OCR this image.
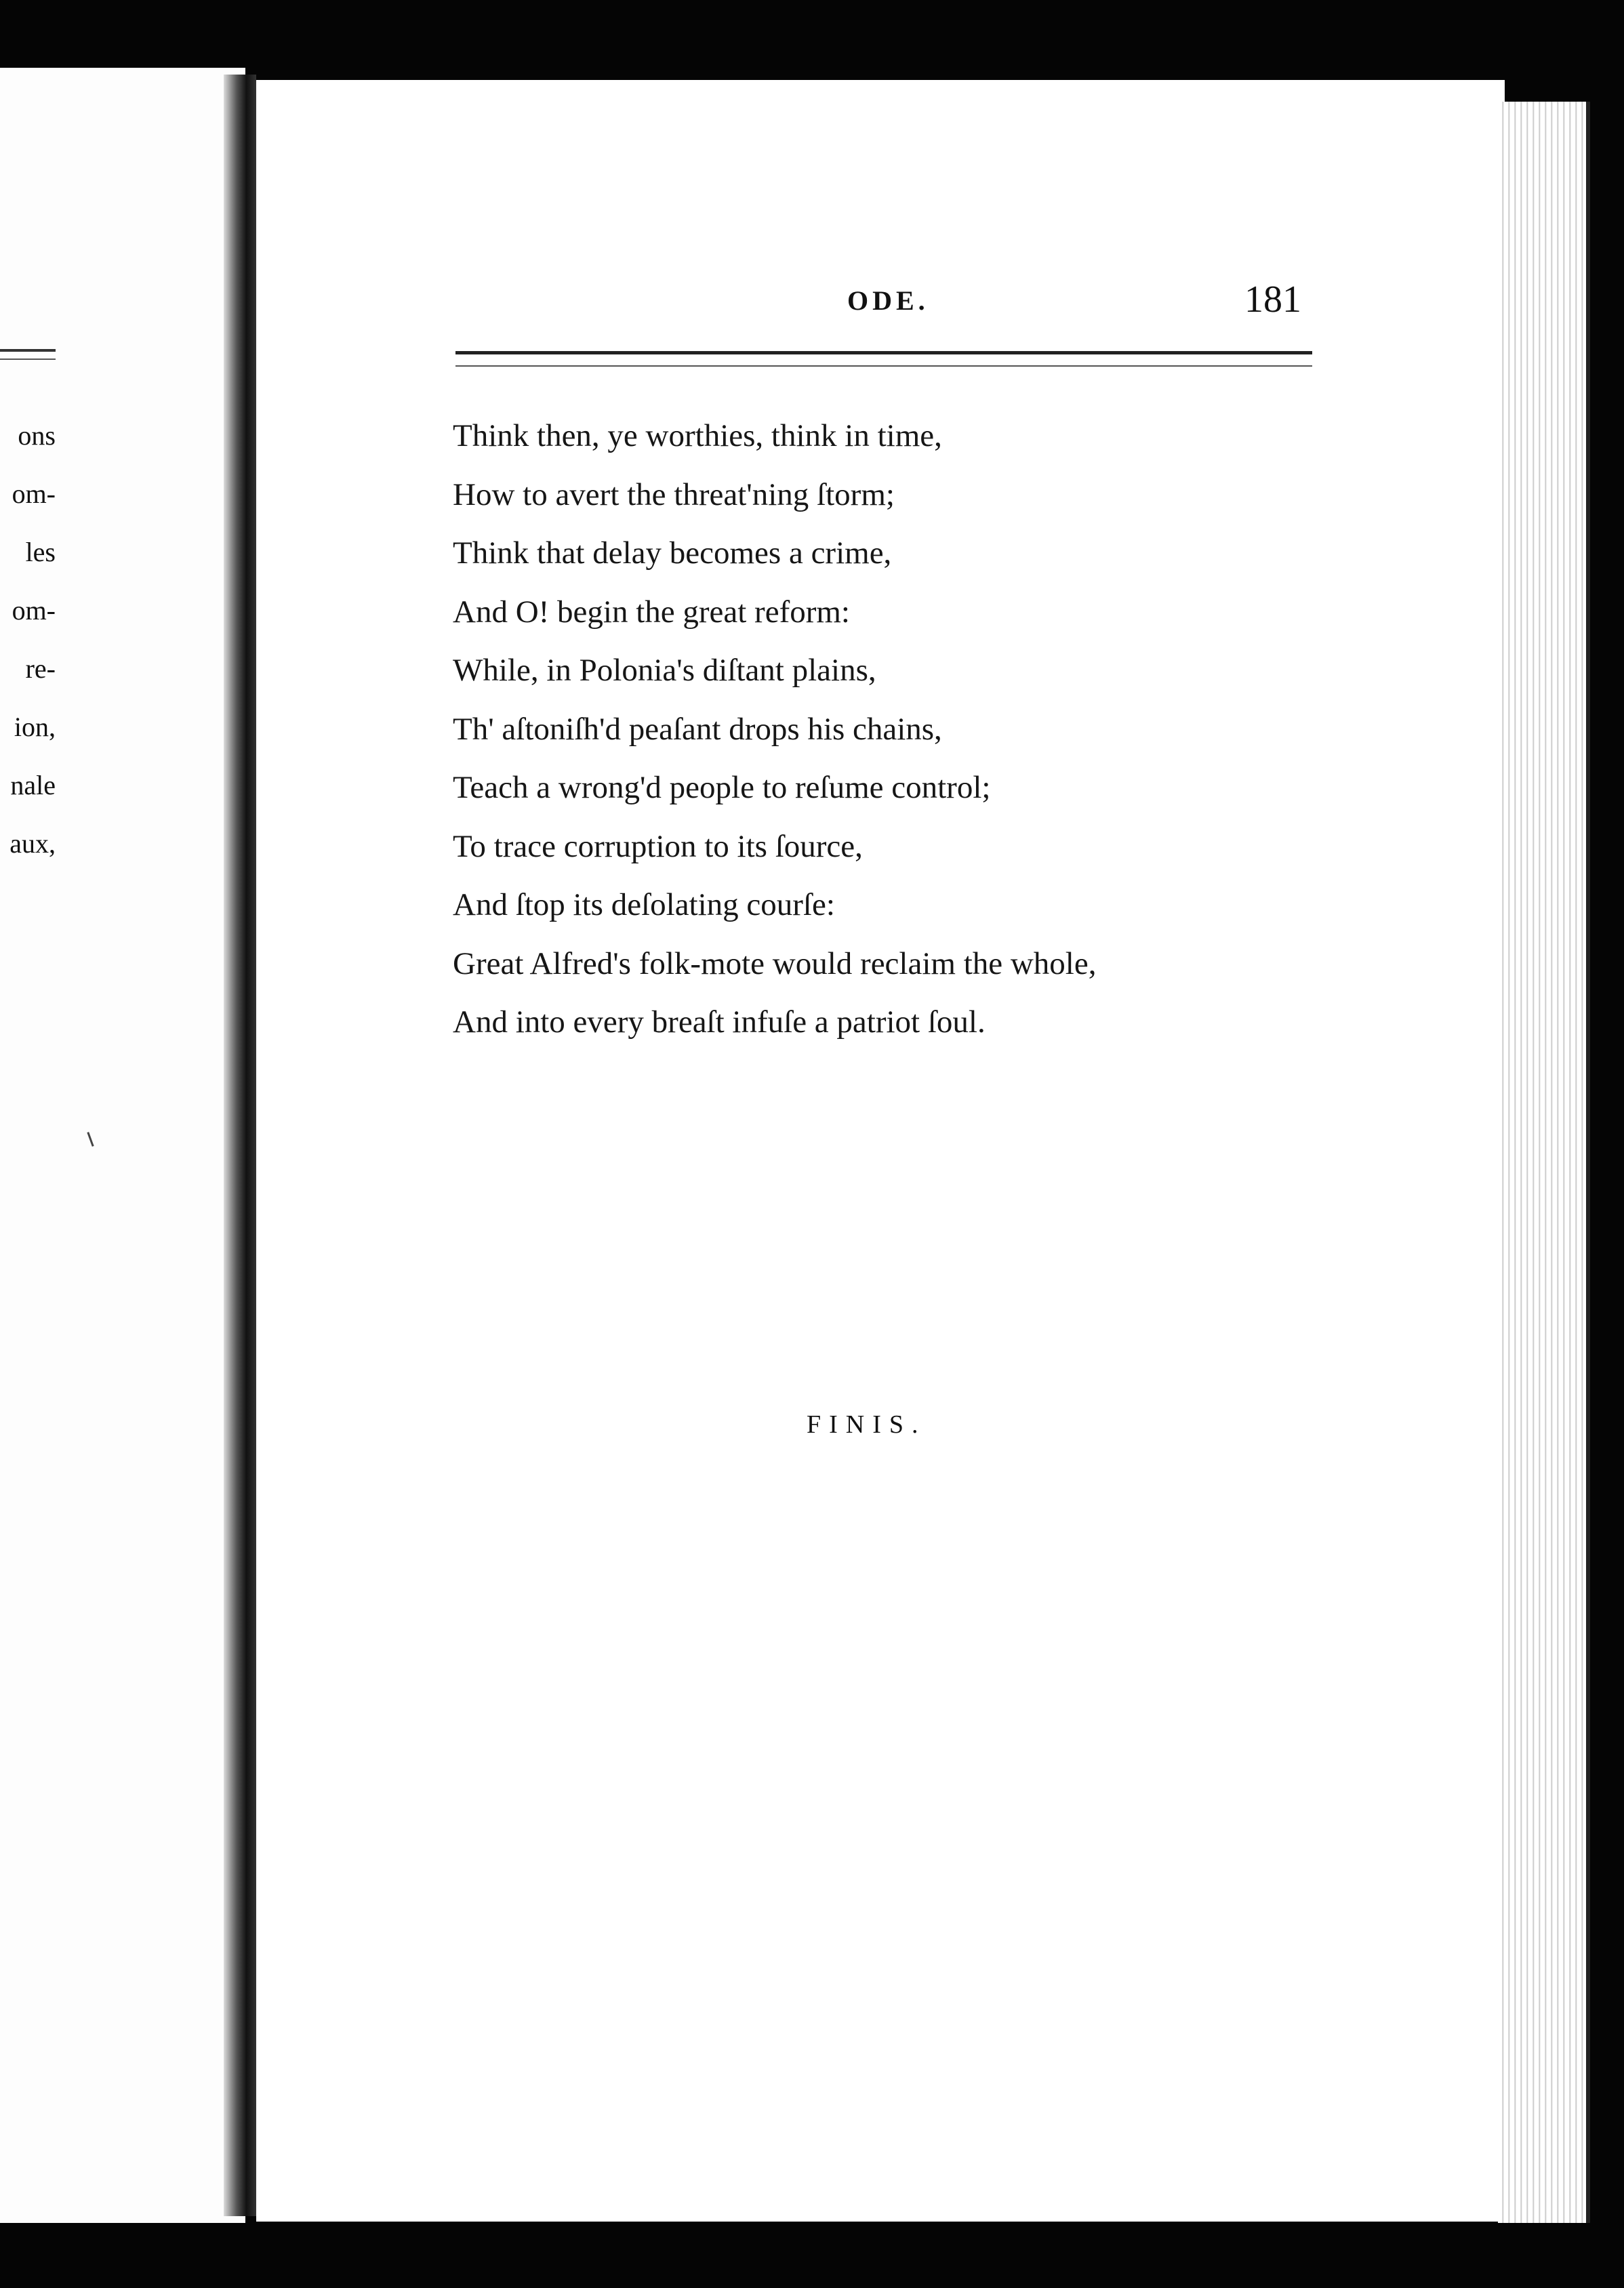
ons
om-
les
om-
re-
ion,
nale
aux,
ODE.	181
Think then, ye worthies, think in time,
How to avert the threat'ning ſtorm;
Think that delay becomes a crime,
And O! begin the great reform:
While, in Polonia's diſtant plains,
Th' aſtoniſh'd peaſant drops his chains,
Teach a wrong'd people to reſume control;
To trace corruption to its ſource,
And ſtop its deſolating courſe:
Great Alfred's folk-mote would reclaim the whole,
And into every breaſt infuſe a patriot ſoul.
FINIS.
